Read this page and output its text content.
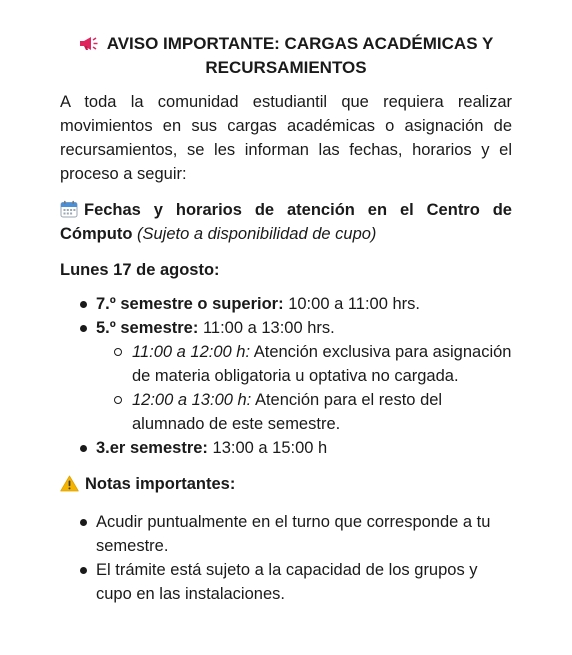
AVISO IMPORTANTE: CARGAS ACADÉMICAS Y
RECURSAMIENTOS

A toda la comunidad estudiantil que requiera realizar movimientos en sus cargas académicas o asignación de recursamientos, se les informan las fechas, horarios y el proceso a seguir:

Fechas y horarios de atención en el Centro de Cómputo (Sujeto a disponibilidad de cupo)

Lunes 17 de agosto:
7.º semestre o superior: 10:00 a 11:00 hrs.
5.º semestre: 11:00 a 13:00 hrs.
11:00 a 12:00 h: Atención exclusiva para asignación de materia obligatoria u optativa no cargada.
12:00 a 13:00 h: Atención para el resto del alumnado de este semestre.
3.er semestre: 13:00 a 15:00 h
Notas importantes:
Acudir puntualmente en el turno que corresponde a tu semestre.
El trámite está sujeto a la capacidad de los grupos y cupo en las instalaciones.
